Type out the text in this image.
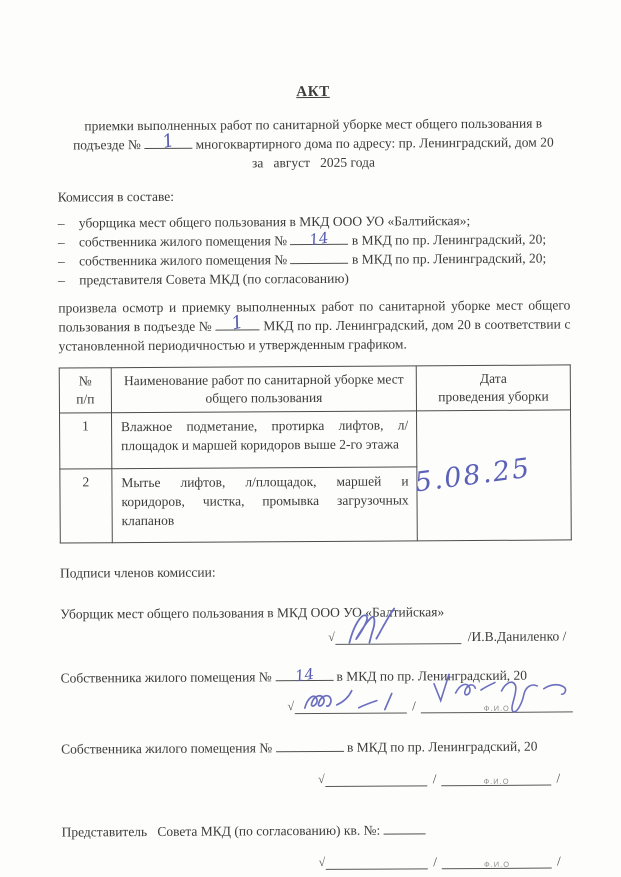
АКТ
приемки выполненных работ по санитарной уборке мест общего пользования в подъезде № 1 многоквартирного дома по адресу: пр. Ленинградский, дом 20
за   август   2025 года
Комиссия в составе:
–	уборщика мест общего пользования в МКД ООО УО «Балтийская»;
–	собственника жилого помещения № 14 в МКД по пр. Ленинградский, 20;
–	собственника жилого помещения №	в МКД по пр. Ленинградский, 20;
–	представителя Совета МКД (по согласованию)
произвела осмотр и приемку выполненных работ по санитарной уборке мест общего пользования в подъезде № 1 МКД по пр. Ленинградский, дом 20 в соответствии с установленной периодичностью и утвержденным графиком.
№
п/п	Наименование работ по санитарной уборке мест общего пользования	Дата
проведения уборки
1	Влажное подметание, протирка лифтов, л/площадок и маршей коридоров выше 2-го этажа	5.08.25
2	Мытье лифтов, л/площадок, маршей и коридоров, чистка, промывка загрузочных клапанов	
Подписи членов комиссии:
Уборщик мест общего пользования в МКД ООО УО «Балтийская»
√	/И.В.Даниленко /
Собственника жилого помещения № 14 в МКД по пр. Ленинградский, 20
√	/	Ф.И.О
Собственника жилого помещения №	в МКД по пр. Ленинградский, 20
√	/	Ф.И.О	/
Представитель   Совета МКД (по согласованию) кв. №:
√	/	Ф.И.О	/
